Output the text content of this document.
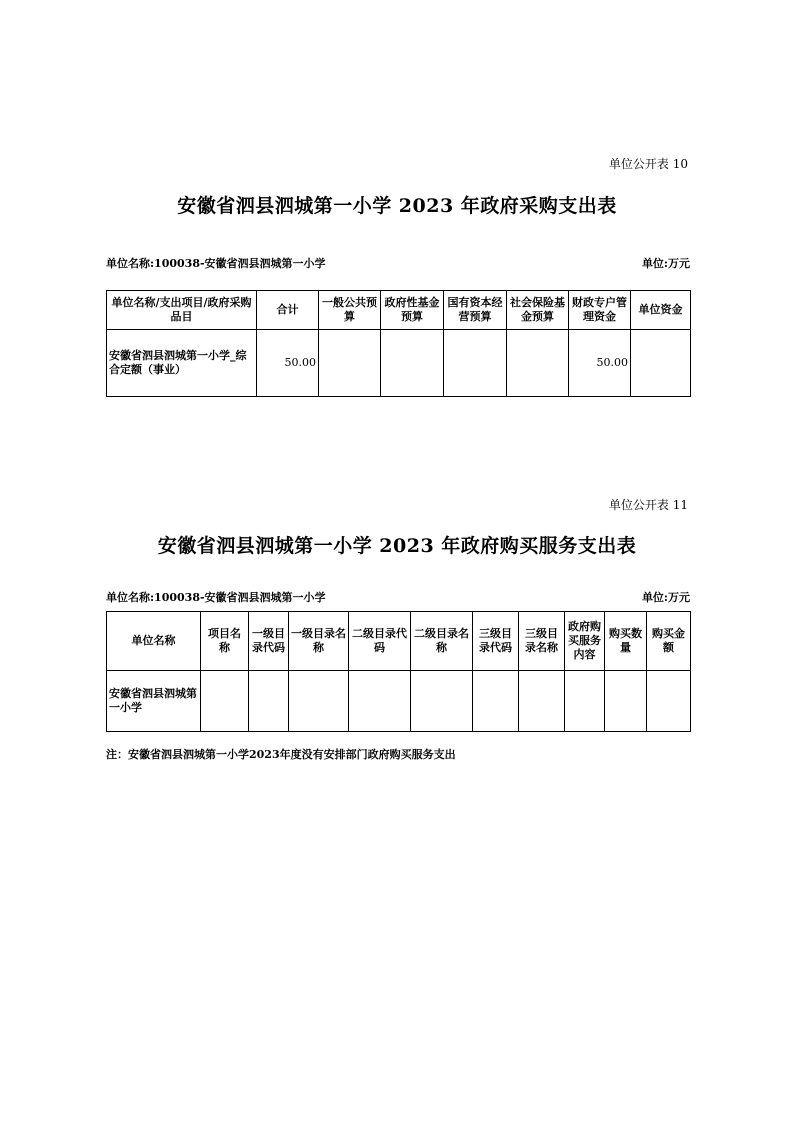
单位公开表 10
安徽省泗县泗城第一小学 2023 年政府采购支出表
单位名称:100038-安徽省泗县泗城第一小学	单位:万元
单位名称/支出项目/政府采购品目	合计	一般公共预算	政府性基金预算	国有资本经营预算	社会保险基金预算	财政专户管理资金	单位资金
安徽省泗县泗城第一小学_综合定额（事业）	50.00					50.00	
单位公开表 11
安徽省泗县泗城第一小学 2023 年政府购买服务支出表
单位名称:100038-安徽省泗县泗城第一小学	单位:万元
单位名称	项目名称	一级目录代码	一级目录名称	二级目录代码	二级目录名称	三级目录代码	三级目录名称	政府购买服务内容	购买数量	购买金额
安徽省泗县泗城第一小学										
注：安徽省泗县泗城第一小学2023年度没有安排部门政府购买服务支出
